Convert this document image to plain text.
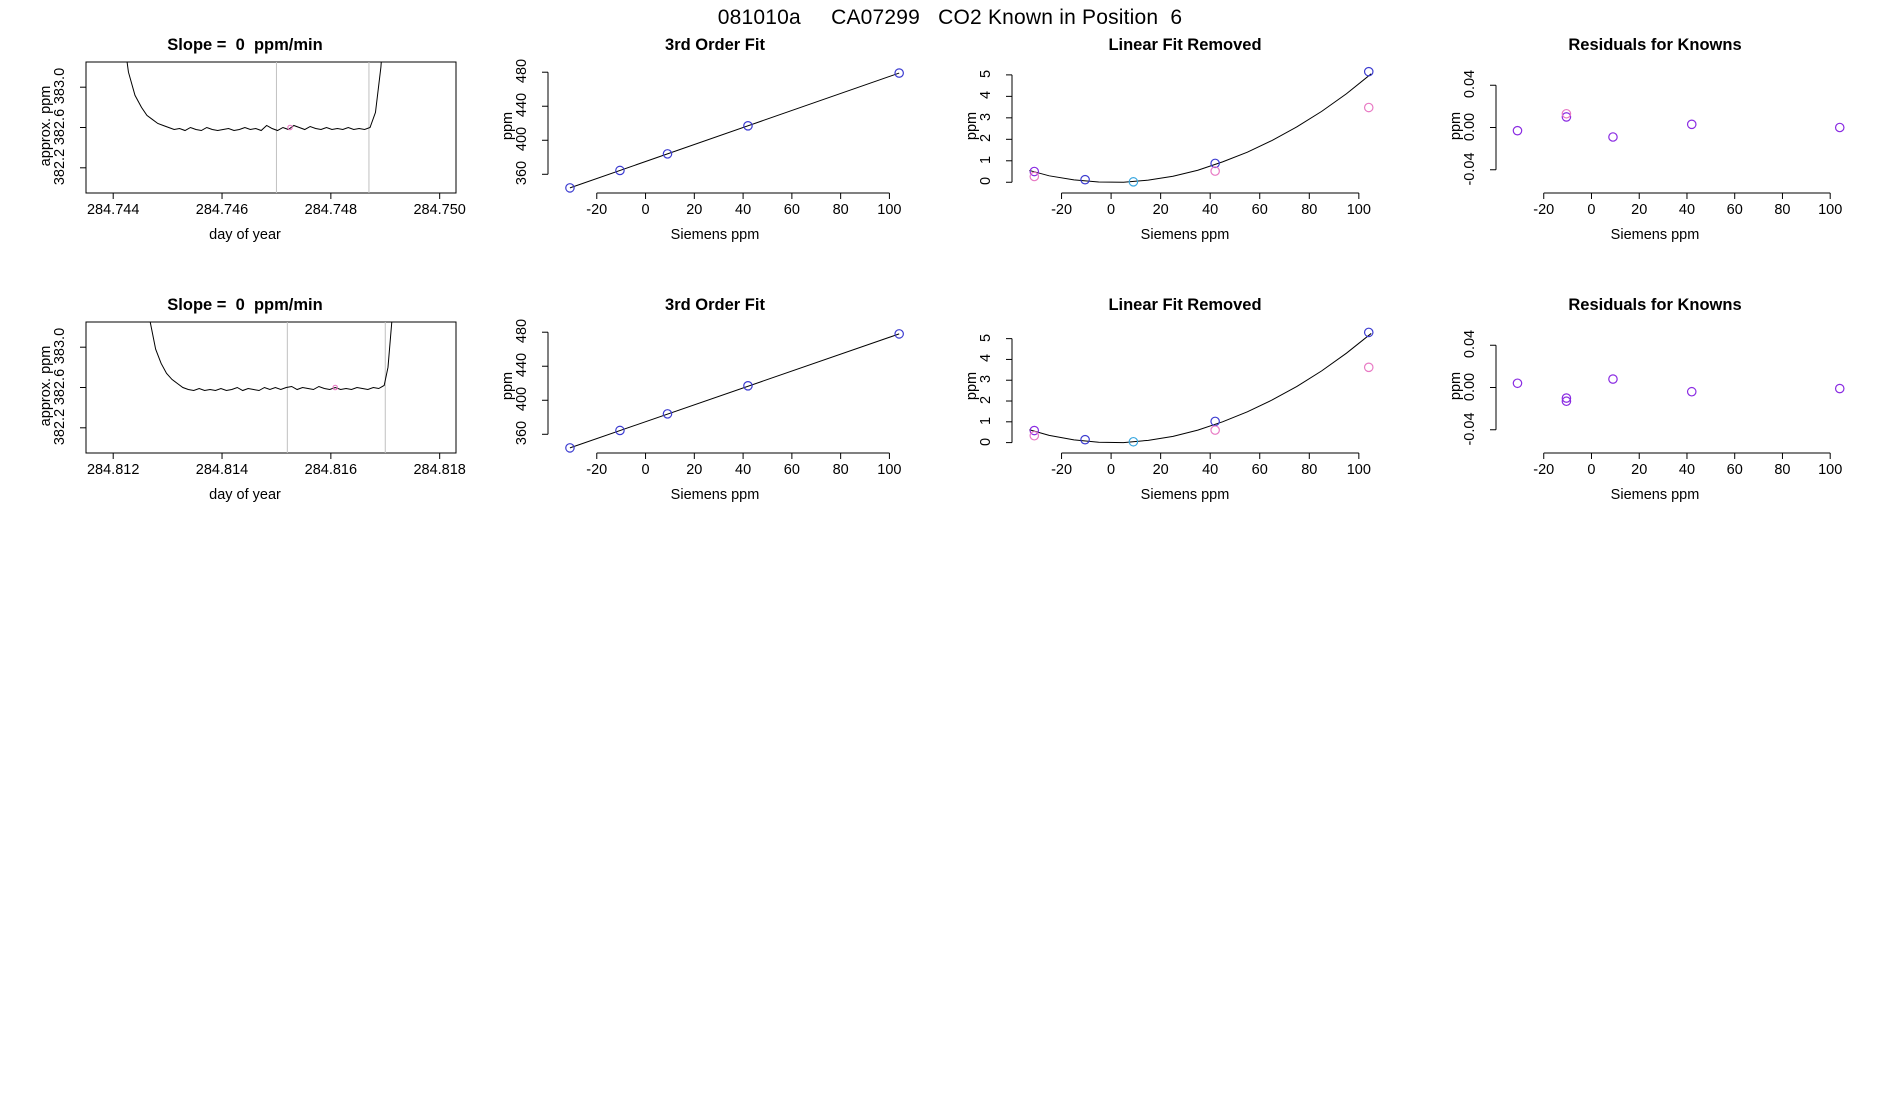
081010a     CA07299   CO2 Known in Position  6
Slope =  0  ppm/min
284.744	284.746	284.748	284.750
382.2
382.6
383.0
day of year
approx. ppm
3rd Order Fit
-20	0	20	40	60	80	100
360
400
440
480
Siemens ppm
ppm
Linear Fit Removed
-20	0	20	40	60	80	100
0
1
2
3
4
5
Siemens ppm
ppm
Residuals for Knowns
-20	0	20	40	60	80	100
-0.04
0.00
0.04
Siemens ppm
ppm
Slope =  0  ppm/min
284.812	284.814	284.816	284.818
382.2
382.6
383.0
day of year
approx. ppm
3rd Order Fit
-20	0	20	40	60	80	100
360
400
440
480
Siemens ppm
ppm
Linear Fit Removed
-20	0	20	40	60	80	100
0
1
2
3
4
5
Siemens ppm
ppm
Residuals for Knowns
-20	0	20	40	60	80	100
-0.04
0.00
0.04
Siemens ppm
ppm
